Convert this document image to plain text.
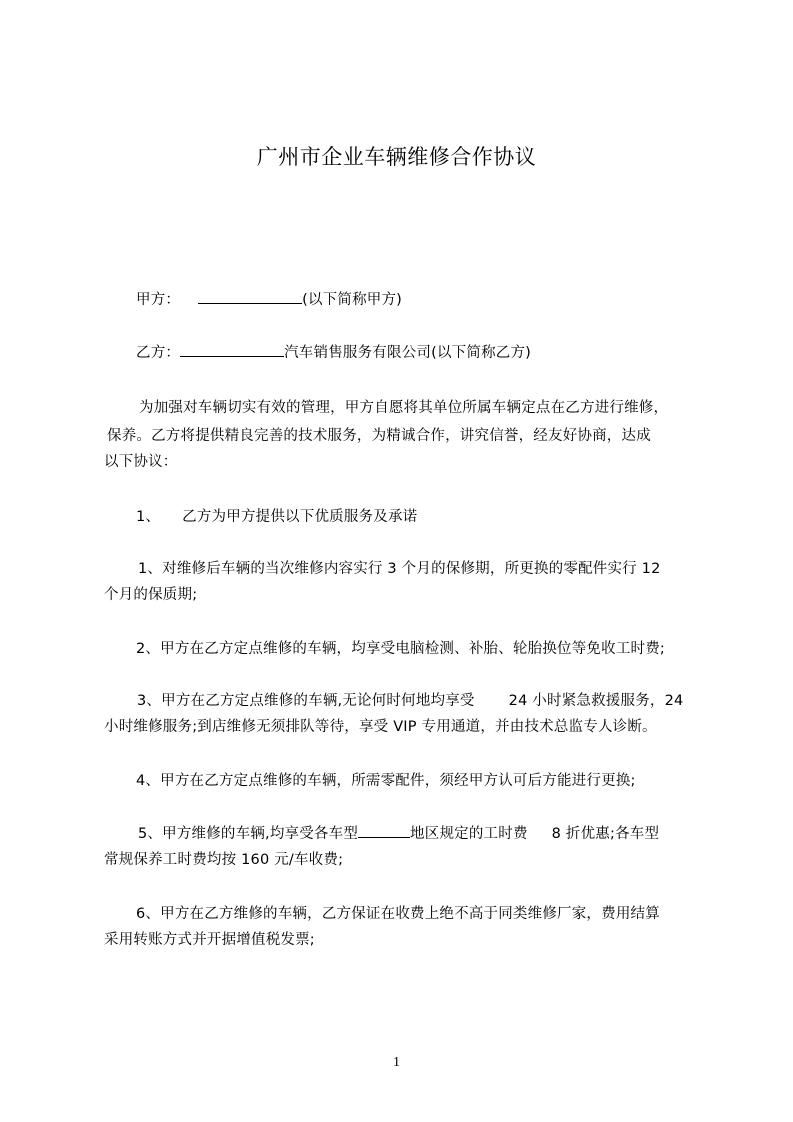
广州市企业车辆维修合作协议
甲方：	(以下简称甲方)
乙方：	汽车销售服务有限公司(以下简称乙方)
为加强对车辆切实有效的管理，甲方自愿将其单位所属车辆定点在乙方进行维修，
保养。乙方将提供精良完善的技术服务，为精诚合作，讲究信誉，经友好协商，达成
以下协议：
1、 乙方为甲方提供以下优质服务及承诺
1、对维修后车辆的当次维修内容实行 3 个月的保修期，所更换的零配件实行 12
个月的保质期;
2、甲方在乙方定点维修的车辆，均享受电脑检测、补胎、轮胎换位等免收工时费;
3、甲方在乙方定点维修的车辆,无论何时何地均享受 24 小时紧急救援服务，24
小时维修服务;到店维修无须排队等待，享受 VIP 专用通道，并由技术总监专人诊断。
4、甲方在乙方定点维修的车辆，所需零配件，须经甲方认可后方能进行更换;
5、甲方维修的车辆,均享受各车型	地区规定的工时费 8 折优惠;各车型
常规保养工时费均按 160 元/车收费;
6、甲方在乙方维修的车辆，乙方保证在收费上绝不高于同类维修厂家，费用结算
采用转账方式并开据增值税发票;
1
